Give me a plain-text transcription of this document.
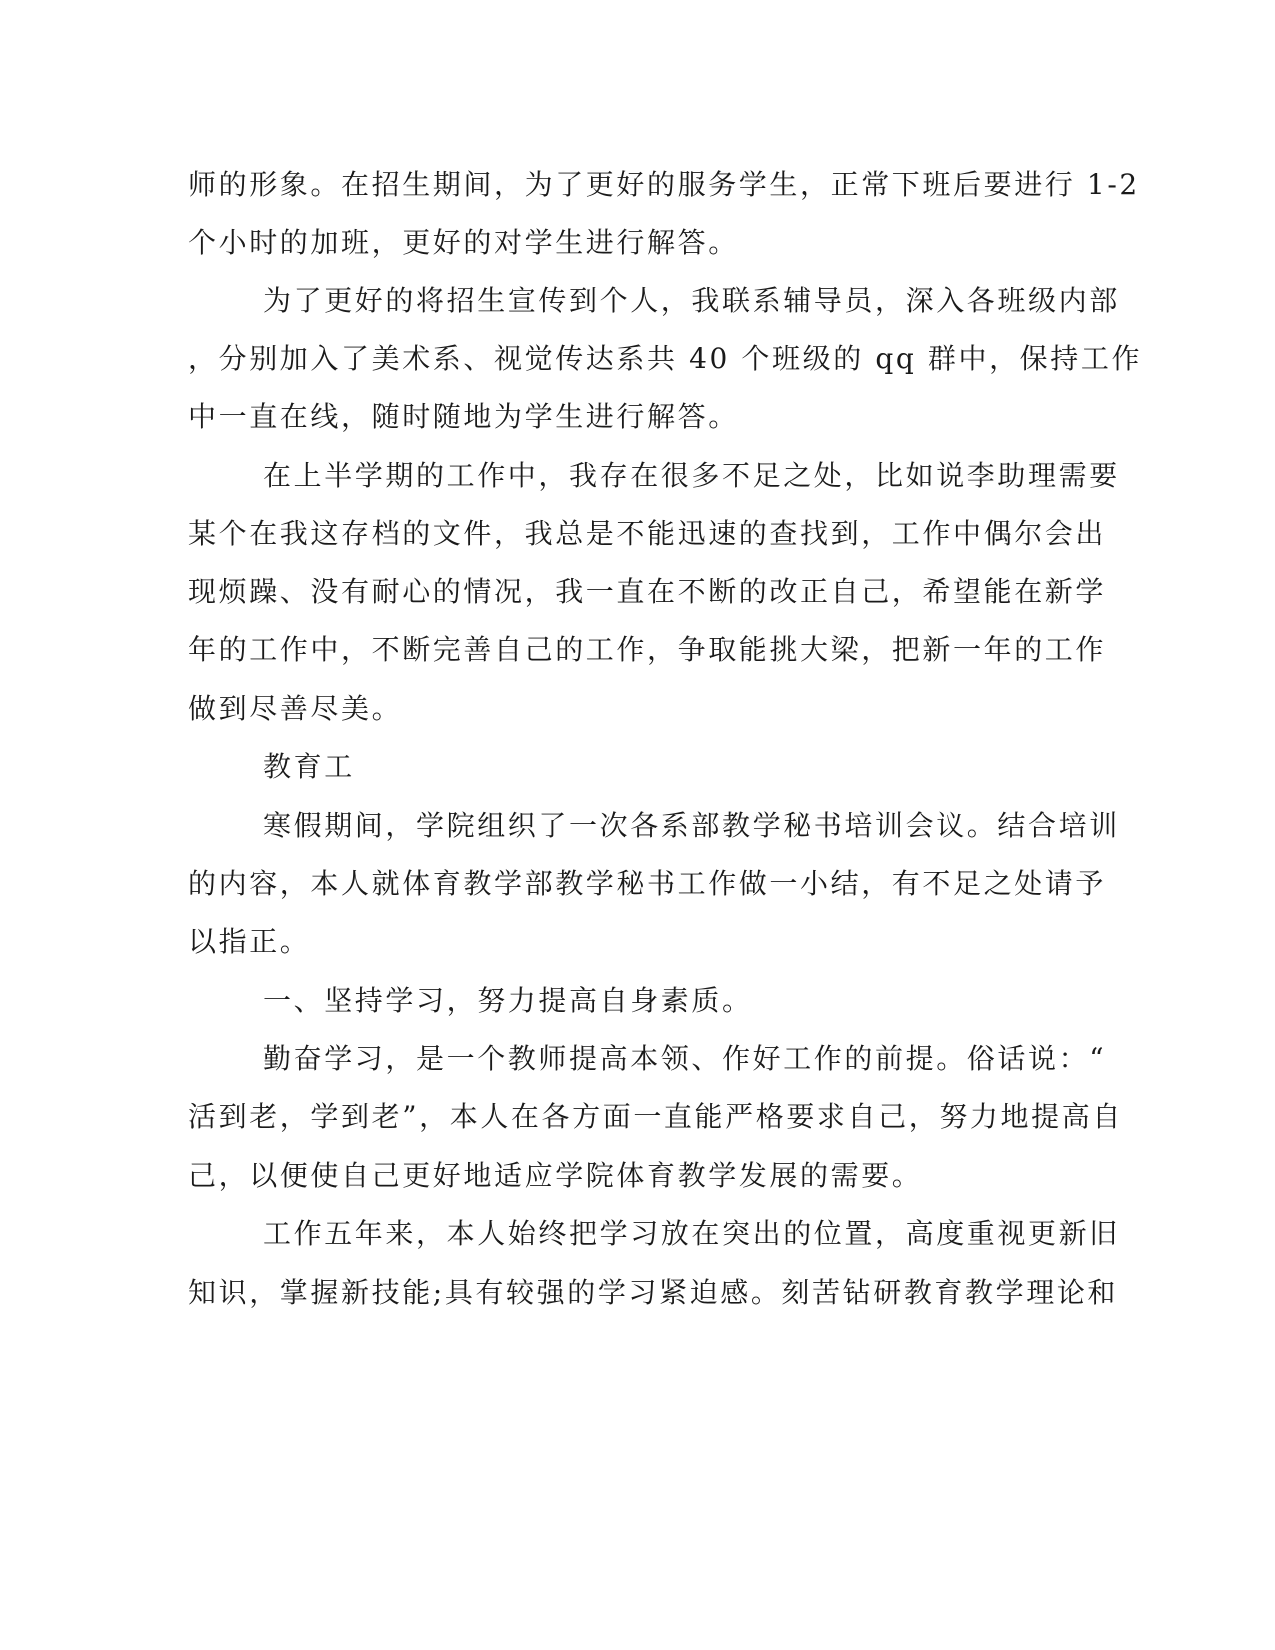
师的形象。在招生期间，为了更好的服务学生，正常下班后要进行 1-2
个小时的加班，更好的对学生进行解答。
为了更好的将招生宣传到个人，我联系辅导员，深入各班级内部
，分别加入了美术系、视觉传达系共 40 个班级的 qq 群中，保持工作
中一直在线，随时随地为学生进行解答。
在上半学期的工作中，我存在很多不足之处，比如说李助理需要
某个在我这存档的文件，我总是不能迅速的查找到，工作中偶尔会出
现烦躁、没有耐心的情况，我一直在不断的改正自己，希望能在新学
年的工作中，不断完善自己的工作，争取能挑大梁，把新一年的工作
做到尽善尽美。
教育工
寒假期间，学院组织了一次各系部教学秘书培训会议。结合培训
的内容，本人就体育教学部教学秘书工作做一小结，有不足之处请予
以指正。
一、坚持学习，努力提高自身素质。
勤奋学习，是一个教师提高本领、作好工作的前提。俗话说：“
活到老，学到老”，本人在各方面一直能严格要求自己，努力地提高自
己，以便使自己更好地适应学院体育教学发展的需要。
工作五年来，本人始终把学习放在突出的位置，高度重视更新旧
知识，掌握新技能;具有较强的学习紧迫感。刻苦钻研教育教学理论和
